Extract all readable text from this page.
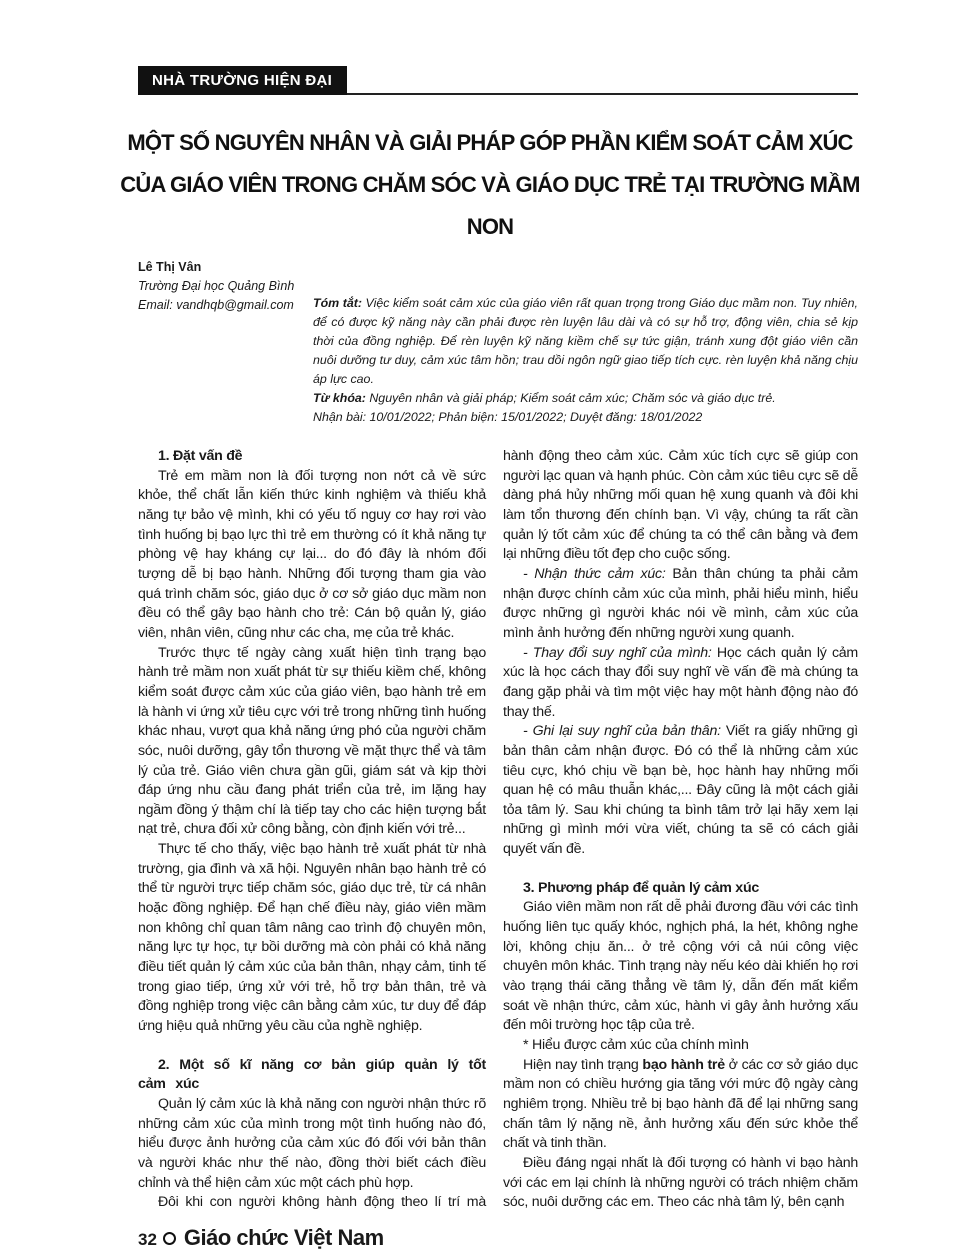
NHÀ TRƯỜNG HIỆN ĐẠI
MỘT SỐ NGUYÊN NHÂN VÀ GIẢI PHÁP GÓP PHẦN KIỂM SOÁT CẢM XÚC
CỦA GIÁO VIÊN TRONG CHĂM SÓC VÀ GIÁO DỤC TRẺ TẠI TRƯỜNG MẦM NON
Lê Thị Vân
Trường Đại học Quảng Bình
Email: vandhqb@gmail.com	Tóm tắt: Việc kiểm soát cảm xúc của giáo viên rất quan trọng trong Giáo dục mầm non. Tuy nhiên, để có được kỹ năng này cần phải được rèn luyện lâu dài và có sự hỗ trợ, động viên, chia sẻ kịp thời của đồng nghiệp. Để rèn luyện kỹ năng kiềm chế sự tức giận, tránh xung đột giáo viên cần nuôi dưỡng tư duy, cảm xúc tâm hồn; trau dồi ngôn ngữ giao tiếp tích cực. rèn luyện khả năng chịu áp lực cao.
Từ khóa: Nguyên nhân và giải pháp; Kiểm soát cảm xúc; Chăm sóc và giáo dục trẻ.
Nhận bài: 10/01/2022; Phản biện: 15/01/2022; Duyệt đăng: 18/01/2022
1. Đặt vấn đề

Trẻ em mầm non là đối tượng non nớt cả về sức khỏe, thể chất lẫn kiến thức kinh nghiệm và thiếu khả năng tự bảo vệ mình, khi có yếu tố nguy cơ hay rơi vào tình huống bị bạo lực thì trẻ em thường có ít khả năng tự phòng vệ hay kháng cự lại... do đó đây là nhóm đối tượng dễ bị bạo hành. Những đối tượng tham gia vào quá trình chăm sóc, giáo dục ở cơ sở giáo dục mầm non đều có thể gây bạo hành cho trẻ: Cán bộ quản lý, giáo viên, nhân viên, cũng như các cha, mẹ của trẻ khác.

Trước thực tế ngày càng xuất hiện tình trạng bạo hành trẻ mầm non xuất phát từ sự thiếu kiềm chế, không kiểm soát được cảm xúc của giáo viên, bạo hành trẻ em là hành vi ứng xử tiêu cực với trẻ trong những tình huống khác nhau, vượt qua khả năng ứng phó của người chăm sóc, nuôi dưỡng, gây tổn thương về mặt thực thể và tâm lý của trẻ. Giáo viên chưa gần gũi, giám sát và kịp thời đáp ứng nhu cầu đang phát triển của trẻ, im lặng hay ngầm đồng ý thậm chí là tiếp tay cho các hiện tượng bắt nạt trẻ, chưa đối xử công bằng, còn định kiến với trẻ...

Thực tế cho thấy, việc bạo hành trẻ xuất phát từ nhà trường, gia đình và xã hội. Nguyên nhân bạo hành trẻ có thể từ người trực tiếp chăm sóc, giáo dục trẻ, từ cá nhân hoặc đồng nghiệp. Để hạn chế điều này, giáo viên mầm non không chỉ quan tâm nâng cao trình độ chuyên môn, năng lực tự học, tự bồi dưỡng mà còn phải có khả năng điều tiết quản lý cảm xúc của bản thân, nhạy cảm, tinh tế trong giao tiếp, ứng xử với trẻ, hỗ trợ bản thân, trẻ và đồng nghiệp trong việc cân bằng cảm xúc, tư duy để đáp ứng hiệu quả những yêu cầu của nghề nghiệp.

2. Một số kĩ năng cơ bản giúp quản lý tốt cảm xúc

Quản lý cảm xúc là khả năng con người nhận thức rõ những cảm xúc của mình trong một tình huống nào đó, hiểu được ảnh hưởng của cảm xúc đó đối với bản thân và người khác như thế nào, đồng thời biết cách điều chỉnh và thể hiện cảm xúc một cách phù hợp.

Đôi khi con người không hành động theo lí trí mà

hành động theo cảm xúc. Cảm xúc tích cực sẽ giúp con người lạc quan và hạnh phúc. Còn cảm xúc tiêu cực sẽ dễ dàng phá hủy những mối quan hệ xung quanh và đôi khi làm tổn thương đến chính bạn. Vì vậy, chúng ta rất cần quản lý tốt cảm xúc để chúng ta có thể cân bằng và đem lại những điều tốt đẹp cho cuộc sống.

- Nhận thức cảm xúc: Bản thân chúng ta phải cảm nhận được chính cảm xúc của mình, phải hiểu mình, hiểu được những gì người khác nói về mình, cảm xúc của mình ảnh hưởng đến những người xung quanh.

- Thay đổi suy nghĩ của mình: Học cách quản lý cảm xúc là học cách thay đổi suy nghĩ về vấn đề mà chúng ta đang gặp phải và tìm một việc hay một hành động nào đó thay thế.

- Ghi lại suy nghĩ của bản thân: Viết ra giấy những gì bản thân cảm nhận được. Đó có thể là những cảm xúc tiêu cực, khó chịu về bạn bè, học hành hay những mối quan hệ có mâu thuẫn khác,... Đây cũng là một cách giải tỏa tâm lý. Sau khi chúng ta bình tâm trở lại hãy xem lại những gì mình mới vừa viết, chúng ta sẽ có cách giải quyết vấn đề.

3. Phương pháp để quản lý cảm xúc

Giáo viên mầm non rất dễ phải đương đầu với các tình huống liên tục quấy khóc, nghịch phá, la hét, không nghe lời, không chịu ăn... ở trẻ cộng với cả núi công việc chuyên môn khác. Tình trạng này nếu kéo dài khiến họ rơi vào trạng thái căng thẳng về tâm lý, dẫn đến mất kiểm soát về nhận thức, cảm xúc, hành vi gây ảnh hưởng xấu đến môi trường học tập của trẻ.

* Hiểu được cảm xúc của chính mình

Hiện nay tình trạng bạo hành trẻ ở các cơ sở giáo dục mầm non có chiều hướng gia tăng với mức độ ngày càng nghiêm trọng. Nhiều trẻ bị bạo hành đã để lại những sang chấn tâm lý nặng nề, ảnh hưởng xấu đến sức khỏe thể chất và tinh thần.

Điều đáng ngại nhất là đối tượng có hành vi bạo hành với các em lại chính là những người có trách nhiệm chăm sóc, nuôi dưỡng các em. Theo các nhà tâm lý, bên cạnh

32 Giáo chức Việt Nam
